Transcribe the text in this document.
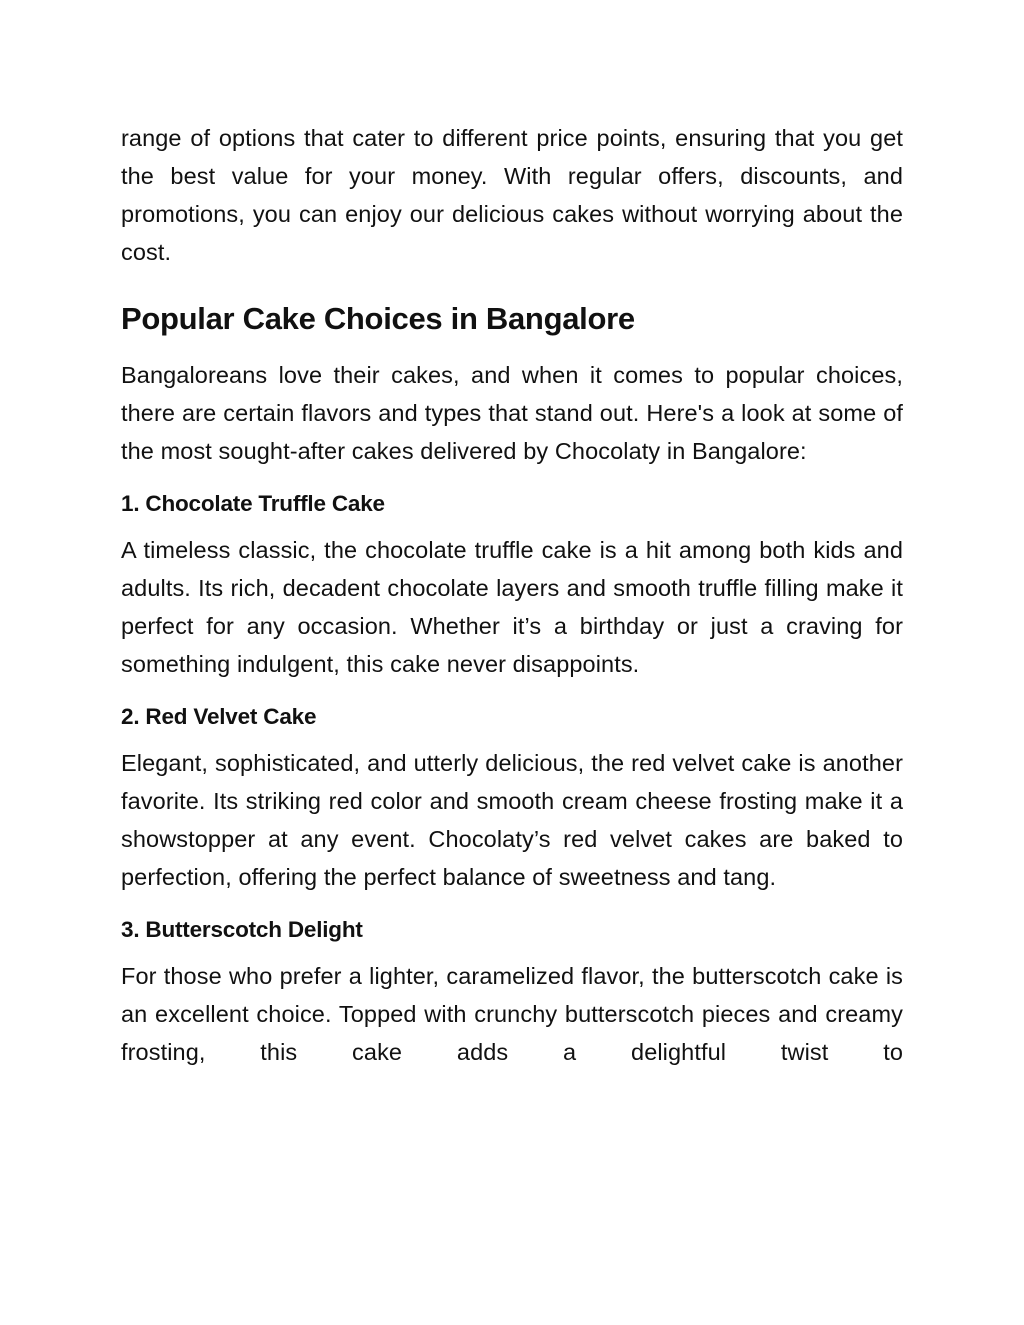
range of options that cater to different price points, ensuring that you get the best value for your money. With regular offers, discounts, and promotions, you can enjoy our delicious cakes without worrying about the cost.

Popular Cake Choices in Bangalore

Bangaloreans love their cakes, and when it comes to popular choices, there are certain flavors and types that stand out. Here's a look at some of the most sought-after cakes delivered by Chocolaty in Bangalore:

1. Chocolate Truffle Cake

A timeless classic, the chocolate truffle cake is a hit among both kids and adults. Its rich, decadent chocolate layers and smooth truffle filling make it perfect for any occasion. Whether it’s a birthday or just a craving for something indulgent, this cake never disappoints.

2. Red Velvet Cake

Elegant, sophisticated, and utterly delicious, the red velvet cake is another favorite. Its striking red color and smooth cream cheese frosting make it a showstopper at any event. Chocolaty’s red velvet cakes are baked to perfection, offering the perfect balance of sweetness and tang.

3. Butterscotch Delight

For those who prefer a lighter, caramelized flavor, the butterscotch cake is an excellent choice. Topped with crunchy butterscotch pieces and creamy frosting, this cake adds a delightful twist to
